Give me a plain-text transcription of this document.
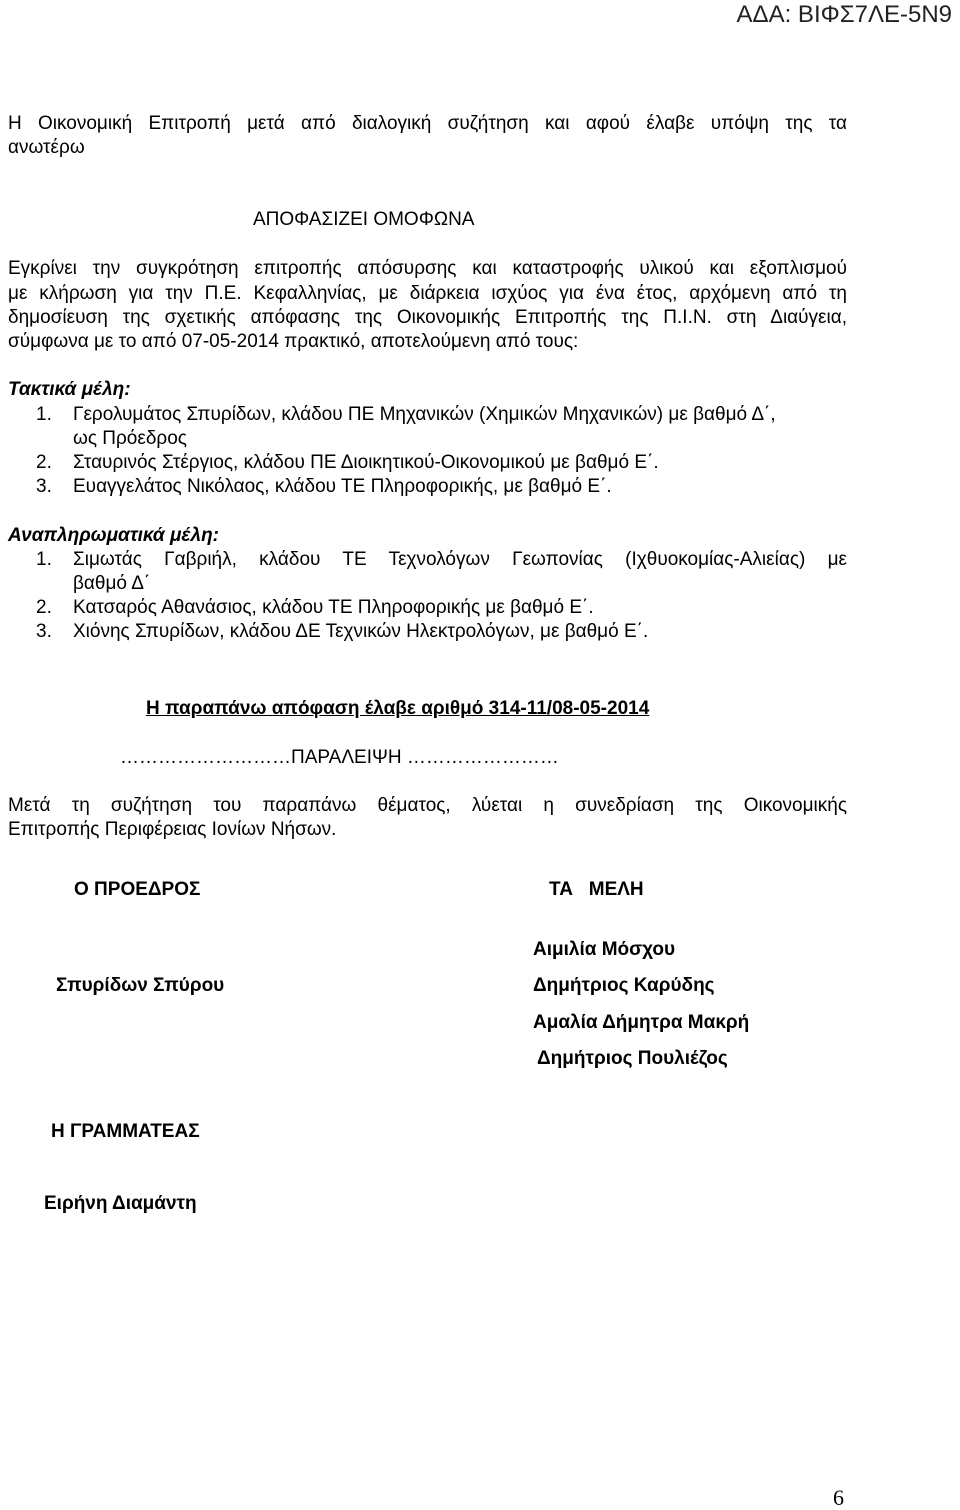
ΑΔΑ: ΒΙΦΣ7ΛΕ-5Ν9
Η Οικονομική Επιτροπή μετά από διαλογική συζήτηση και αφού έλαβε υπόψη της τα
ανωτέρω
ΑΠΟΦΑΣΙΖΕΙ ΟΜΟΦΩΝΑ
Εγκρίνει την συγκρότηση επιτροπής απόσυρσης και καταστροφής υλικού και εξοπλισμού
με κλήρωση για την Π.Ε. Κεφαλληνίας, με διάρκεια ισχύος για ένα έτος, αρχόμενη από τη
δημοσίευση της σχετικής απόφασης της Οικονομικής Επιτροπής της Π.Ι.Ν. στη Διαύγεια,
σύμφωνα με το από 07-05-2014 πρακτικό, αποτελούμενη από τους:
Τακτικά μέλη:
1. Γερολυμάτος Σπυρίδων, κλάδου ΠΕ Μηχανικών (Χημικών Μηχανικών) με βαθμό Δ΄,
ως Πρόεδρος
2. Σταυρινός Στέργιος, κλάδου ΠΕ Διοικητικού-Οικονομικού με βαθμό Ε΄.
3. Ευαγγελάτος Νικόλαος, κλάδου ΤΕ Πληροφορικής, με βαθμό Ε΄.
Αναπληρωματικά μέλη:
1. Σιμωτάς Γαβριήλ, κλάδου ΤΕ Τεχνολόγων Γεωπονίας (Ιχθυοκομίας-Αλιείας) με
βαθμό Δ΄
2. Κατσαρός Αθανάσιος, κλάδου ΤΕ Πληροφορικής με βαθμό Ε΄.
3. Χιόνης Σπυρίδων, κλάδου ΔΕ Τεχνικών Ηλεκτρολόγων, με βαθμό Ε΄.
Η παραπάνω απόφαση έλαβε αριθμό 314-11/08-05-2014
………………………ΠΑΡΑΛΕΙΨΗ ……………………
Μετά τη συζήτηση του παραπάνω θέματος, λύεται η συνεδρίαση της Οικονομικής
Επιτροπής Περιφέρειας Ιονίων Νήσων.
Ο ΠΡΟΕΔΡΟΣ	ΤΑ   ΜΕΛΗ
Αιμιλία Μόσχου
Σπυρίδων Σπύρου	Δημήτριος Καρύδης
Αμαλία Δήμητρα Μακρή
Δημήτριος Πουλιέζος
Η ΓΡΑΜΜΑΤΕΑΣ
Ειρήνη Διαμάντη
6
